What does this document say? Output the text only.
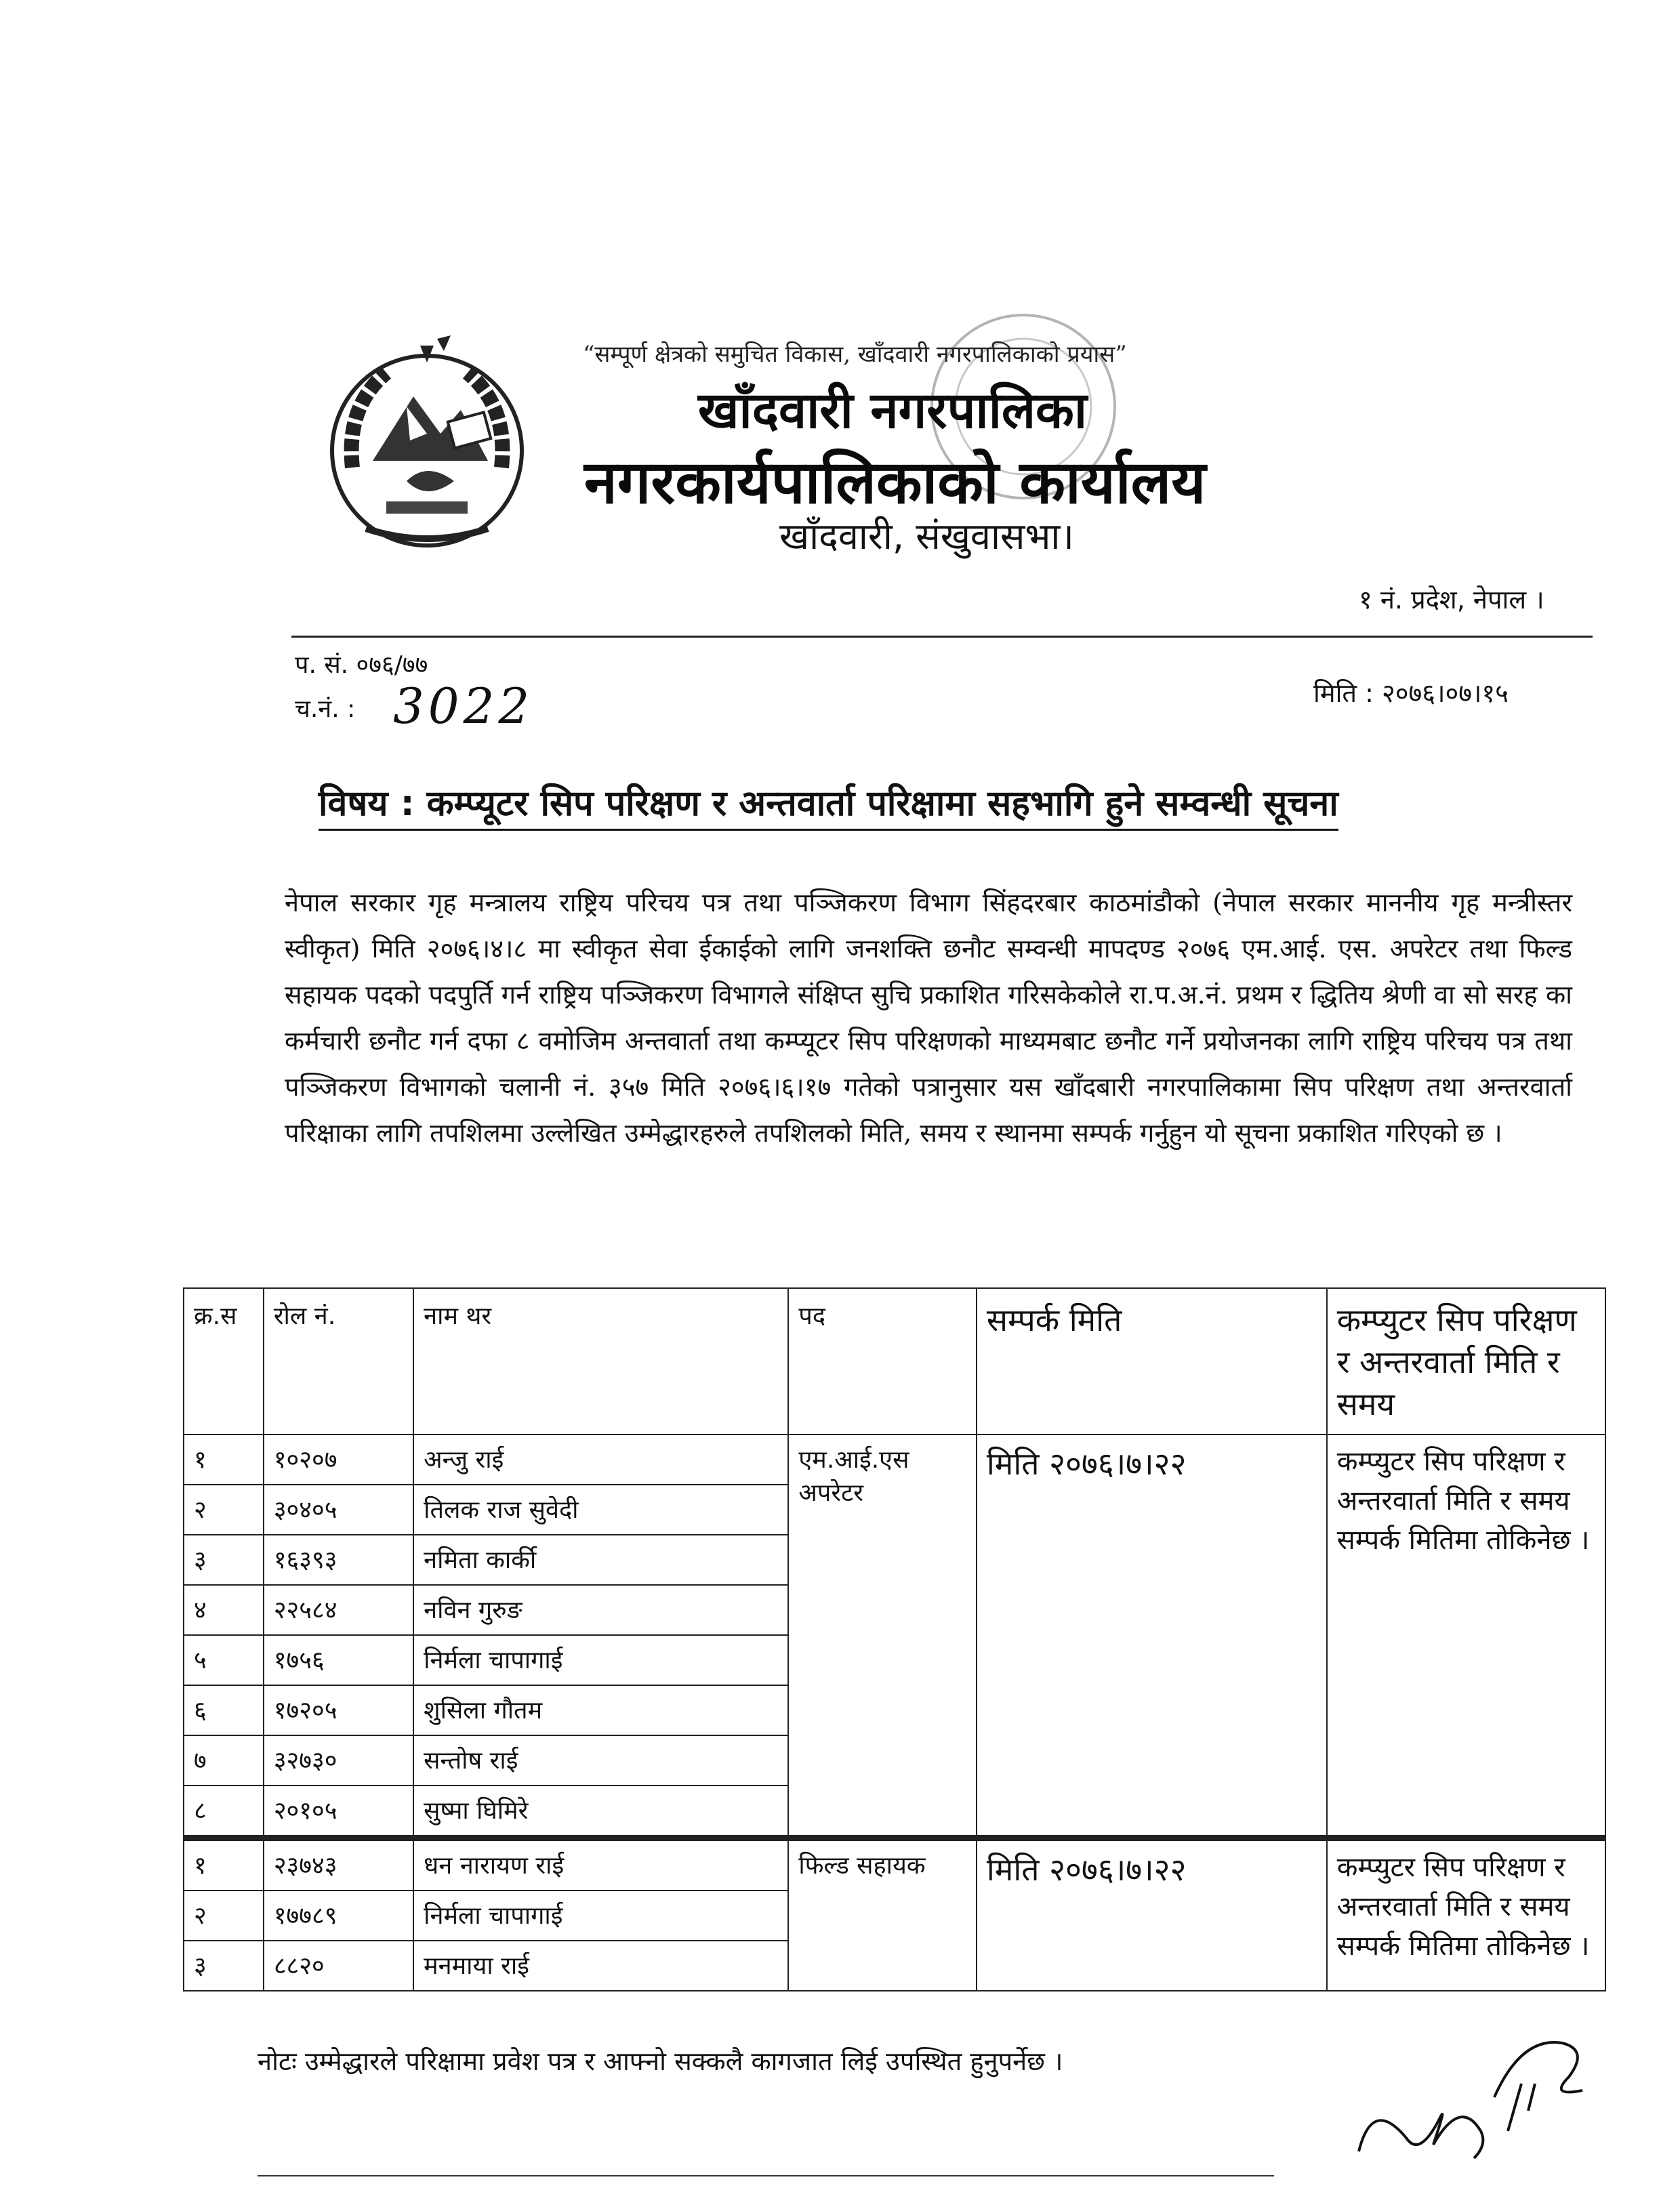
“सम्पूर्ण क्षेत्रको समुचित विकास, खाँदवारी नगरपालिकाको प्रयास”
खाँदवारी नगरपालिका
नगरकार्यपालिकाको कार्यालय
खाँदवारी, संखुवासभा।
१ नं. प्रदेश, नेपाल ।
प. सं. ०७६/७७
च.नं. : 3022	मिति : २०७६।०७।१५
विषय : कम्प्यूटर सिप परिक्षण र अन्तवार्ता परिक्षामा सहभागि हुने सम्वन्धी सूचना
नेपाल सरकार गृह मन्त्रालय राष्ट्रिय परिचय पत्र तथा पञ्जिकरण विभाग सिंहदरबार काठमांडौको (नेपाल सरकार माननीय गृह मन्त्रीस्तर स्वीकृत) मिति २०७६।४।८ मा स्वीकृत सेवा ईकाईको लागि जनशक्ति छनौट सम्वन्धी मापदण्ड २०७६ एम.आई. एस. अपरेटर तथा फिल्ड सहायक पदको पदपुर्ति गर्न राष्ट्रिय पञ्जिकरण विभागले संक्षिप्त सुचि प्रकाशित गरिसकेकोले रा.प.अ.नं. प्रथम र द्धितिय श्रेणी वा सो सरह का कर्मचारी छनौट गर्न दफा ८ वमोजिम अन्तवार्ता तथा कम्प्यूटर सिप परिक्षणको माध्यमबाट छनौट गर्ने प्रयोजनका लागि राष्ट्रिय परिचय पत्र तथा पञ्जिकरण विभागको चलानी नं. ३५७ मिति २०७६।६।१७ गतेको पत्रानुसार यस खाँदबारी नगरपालिकामा सिप परिक्षण तथा अन्तरवार्ता परिक्षाका लागि तपशिलमा उल्लेखित उम्मेद्धारहरुले तपशिलको मिति, समय र स्थानमा सम्पर्क गर्नुहुन यो सूचना प्रकाशित गरिएको छ ।
क्र.स	रोल नं.	नाम थर	पद	सम्पर्क मिति	कम्प्युटर सिप परिक्षण र अन्तरवार्ता मिति र समय
१	१०२०७	अन्जु राई	एम.आई.एस अपरेटर	मिति २०७६।७।२२	कम्प्युटर सिप परिक्षण र अन्तरवार्ता मिति र समय सम्पर्क मितिमा तोकिनेछ ।
२	३०४०५	तिलक राज सुवेदी			
३	१६३९३	नमिता कार्की			
४	२२५८४	नविन गुरुङ			
५	१७५६	निर्मला चापागाई			
६	१७२०५	शुसिला गौतम			
७	३२७३०	सन्तोष राई			
८	२०१०५	सुष्मा घिमिरे			
१	२३७४३	धन नारायण राई	फिल्ड सहायक	मिति २०७६।७।२२	कम्प्युटर सिप परिक्षण र अन्तरवार्ता मिति र समय सम्पर्क मितिमा तोकिनेछ ।
२	१७७८९	निर्मला चापागाई			
३	८८२०	मनमाया राई			
नोटः उम्मेद्धारले परिक्षामा प्रवेश पत्र र आफ्नो सक्कलै कागजात लिई उपस्थित हुनुपर्नेछ ।
